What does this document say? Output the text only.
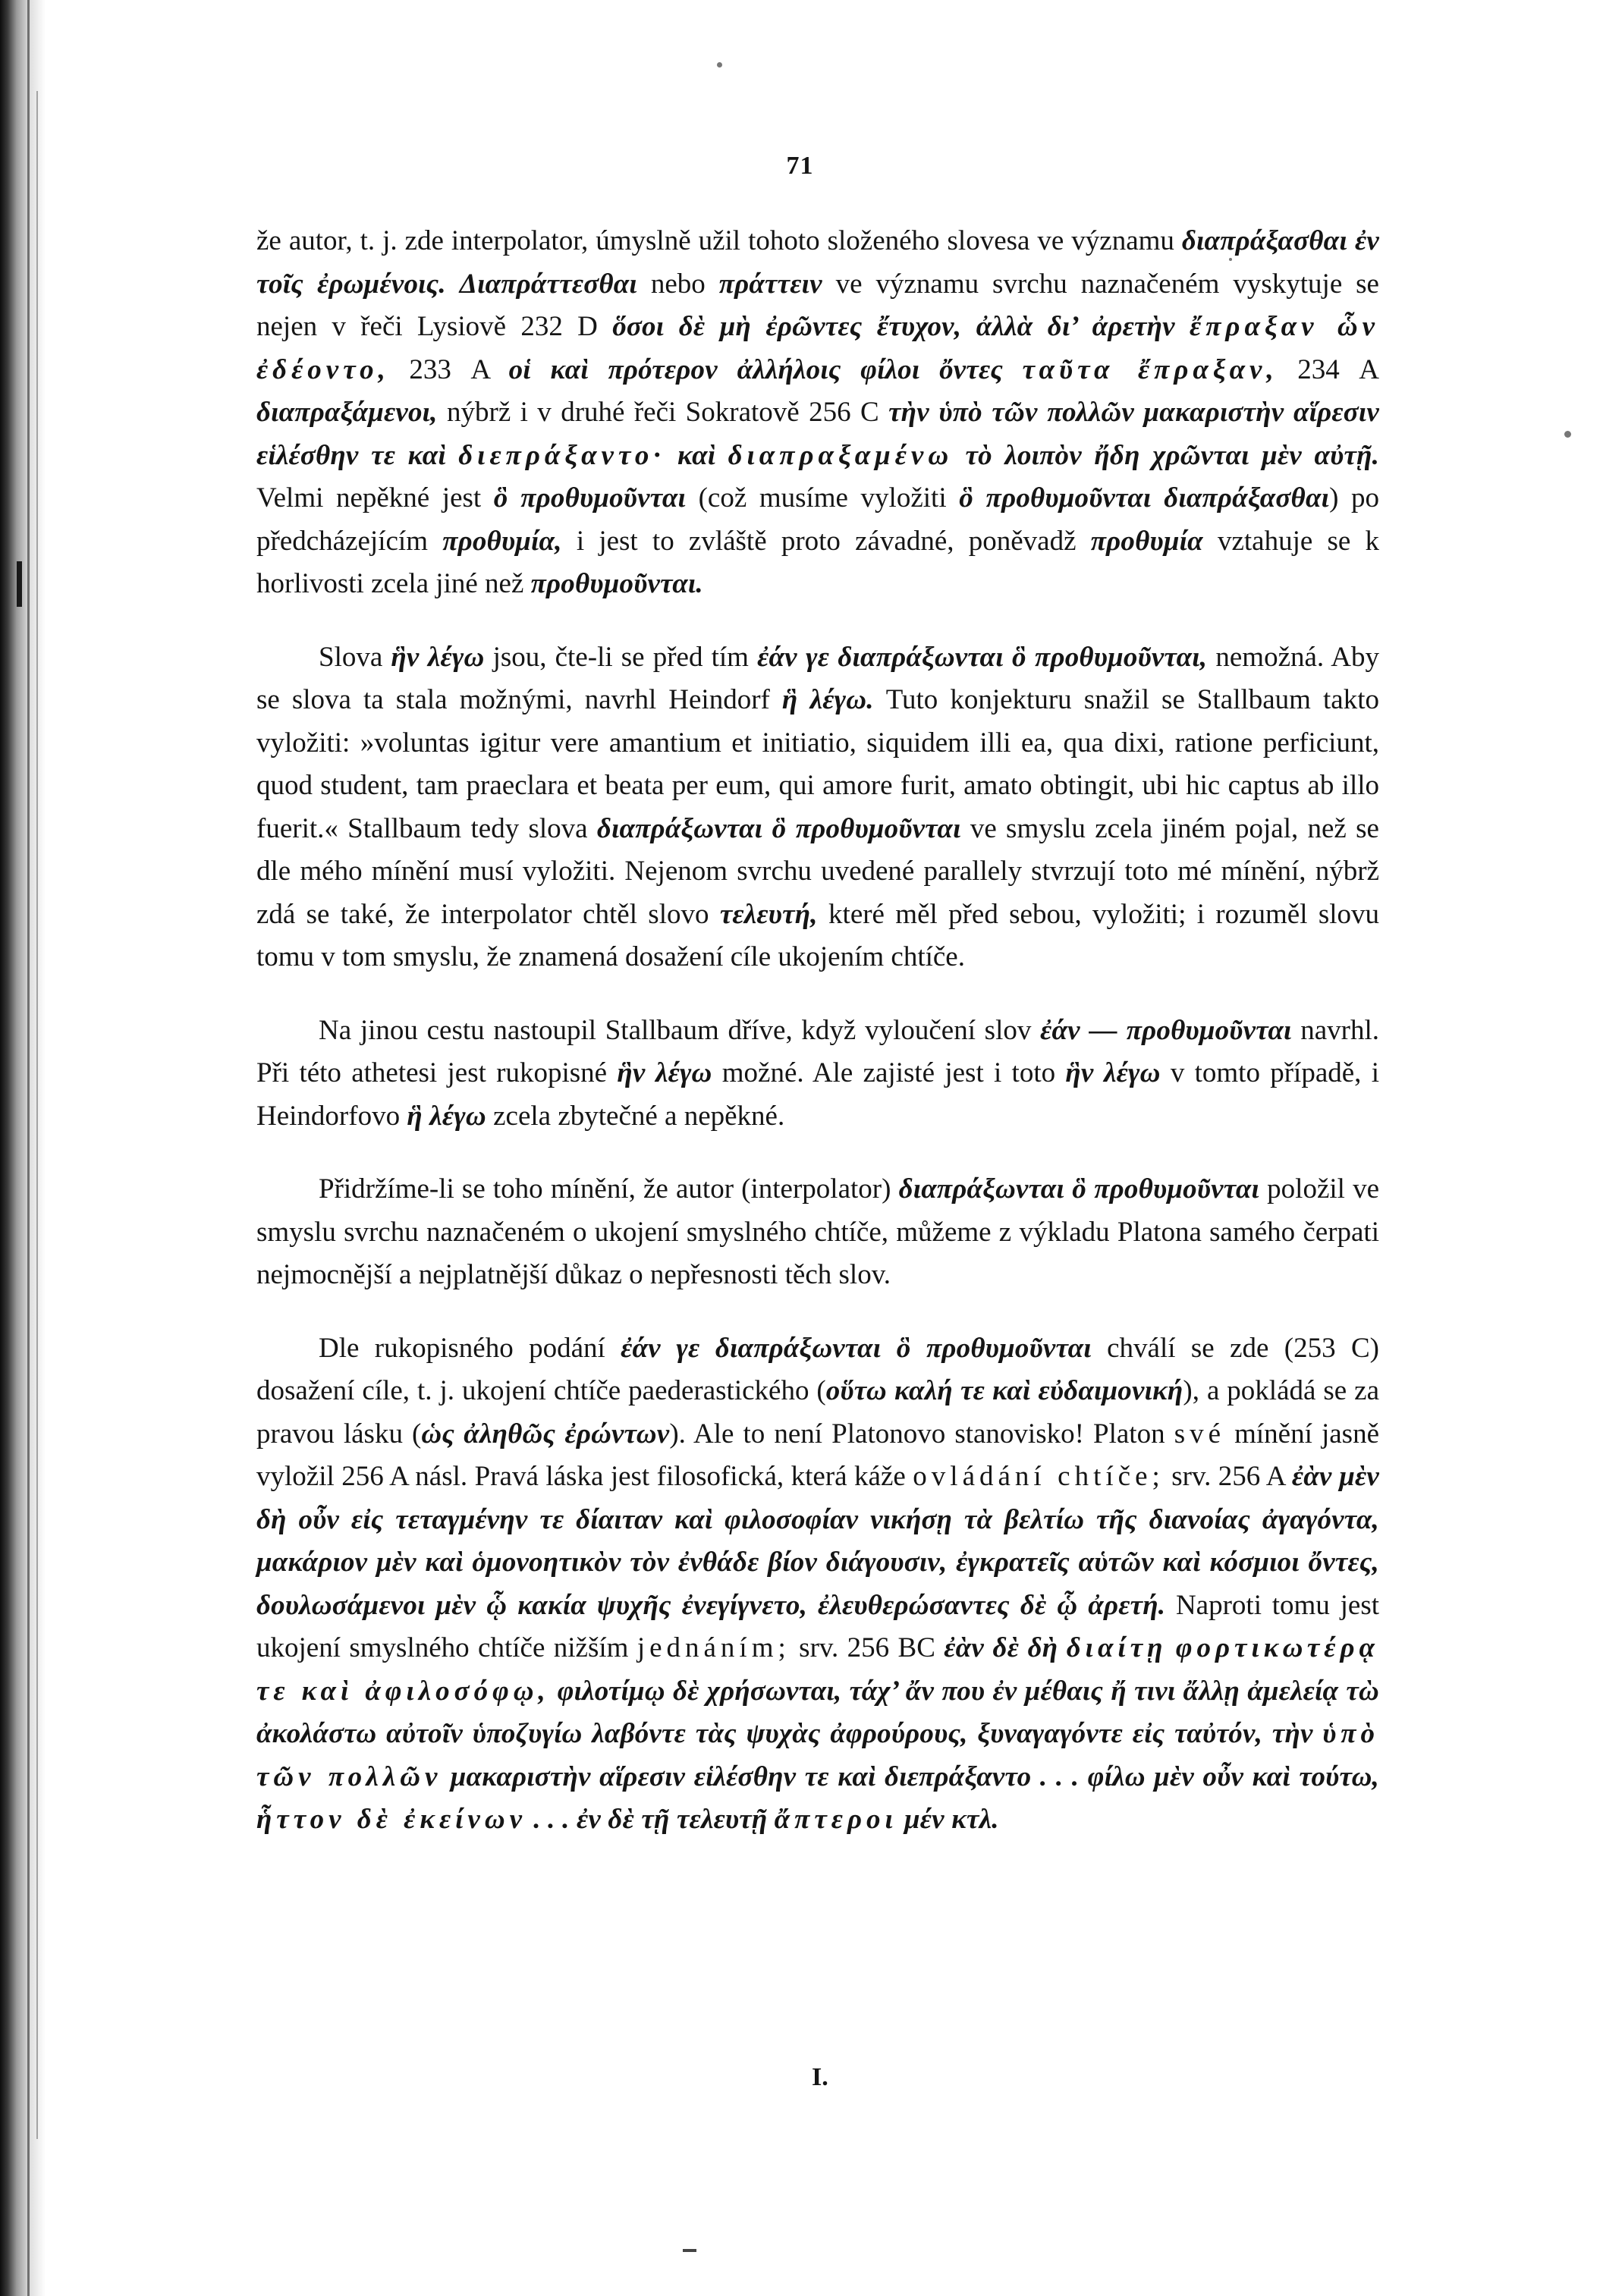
71

že autor, t. j. zde interpolator, úmyslně užil tohoto složeného slovesa ve významu διαπράξασθαι ἐν τοῖς ἐρωμένοις. Διαπράττεσθαι nebo πράττειν ve významu svrchu naznačeném vyskytuje se nejen v řeči Lysiově 232 D ὅσοι δὲ μὴ ἐρῶντες ἔτυχον, ἀλλὰ δι’ ἀρετὴν ἔπραξαν ὧν ἐδέοντο, 233 A οἱ καὶ πρότερον ἀλλήλοις φίλοι ὄντες ταῦτα ἔπραξαν, 234 A διαπραξάμενοι, nýbrž i v druhé řeči Sokratově 256 C τὴν ὑπὸ τῶν πολλῶν μακαριστὴν αἵρεσιν εἱλέσθην τε καὶ διεπράξαντο· καὶ διαπραξαμένω τὸ λοιπὸν ἤδη χρῶνται μὲν αὐτῇ. Velmi nepěkné jest ὃ προθυμοῦνται (což musíme vyložiti ὃ προθυμοῦνται διαπράξασθαι) po předcházejícím προθυμία, i jest to zvláště proto závadné, poněvadž προθυμία vztahuje se k horlivosti zcela jiné než προθυμοῦνται.

Slova ἣν λέγω jsou, čte-li se před tím ἐάν γε διαπράξωνται ὃ προθυμοῦνται, nemožná. Aby se slova ta stala možnými, navrhl Heindorf ἣ λέγω. Tuto konjekturu snažil se Stallbaum takto vyložiti: »voluntas igitur vere amantium et initiatio, siquidem illi ea, qua dixi, ratione perficiunt, quod student, tam praeclara et beata per eum, qui amore furit, amato obtingit, ubi hic captus ab illo fuerit.« Stallbaum tedy slova διαπράξωνται ὃ προθυμοῦνται ve smyslu zcela jiném pojal, než se dle mého mínění musí vyložiti. Nejenom svrchu uvedené parallely stvrzují toto mé mínění, nýbrž zdá se také, že interpolator chtěl slovo τελευτή, které měl před sebou, vyložiti; i rozuměl slovu tomu v tom smyslu, že znamená dosažení cíle ukojením chtíče.

Na jinou cestu nastoupil Stallbaum dříve, když vyloučení slov ἐάν — προθυμοῦνται navrhl. Při této athetesi jest rukopisné ἣν λέγω možné. Ale zajisté jest i toto ἣν λέγω v tomto případě, i Heindorfovo ἣ λέγω zcela zbytečné a nepěkné.

Přidržíme-li se toho mínění, že autor (interpolator) διαπράξωνται ὃ προθυμοῦνται položil ve smyslu svrchu naznačeném o ukojení smyslného chtíče, můžeme z výkladu Platona samého čerpati nejmocnější a nejplatnější důkaz o nepřesnosti těch slov.

Dle rukopisného podání ἐάν γε διαπράξωνται ὃ προθυμοῦνται chválí se zde (253 C) dosažení cíle, t. j. ukojení chtíče paederastického (οὕτω καλή τε καὶ εὐδαιμονική), a pokládá se za pravou lásku (ὡς ἀληθῶς ἐρώντων). Ale to není Platonovo stanovisko! Platon své mínění jasně vyložil 256 A násl. Pravá láska jest filosofická, která káže ovládání chtíče; srv. 256 A ἐὰν μὲν δὴ οὖν εἰς τεταγμένην τε δίαιταν καὶ φιλοσοφίαν νικήσῃ τὰ βελτίω τῆς διανοίας ἀγαγόντα, μακάριον μὲν καὶ ὁμονοητικὸν τὸν ἐνθάδε βίον διάγουσιν, ἐγκρατεῖς αὑτῶν καὶ κόσμιοι ὄντες, δουλωσάμενοι μὲν ᾧ κακία ψυχῆς ἐνεγίγνετο, ἐλευθερώσαντες δὲ ᾧ ἀρετή. Naproti tomu jest ukojení smyslného chtíče nižším jednáním; srv. 256 BC ἐὰν δὲ δὴ διαίτῃ φορτικωτέρᾳ τε καὶ ἀφιλοσόφῳ, φιλοτίμῳ δὲ χρήσωνται, τάχ’ ἄν που ἐν μέθαις ἤ τινι ἄλλῃ ἀμελείᾳ τὼ ἀκολάστω αὐτοῖν ὑποζυγίω λαβόντε τὰς ψυχὰς ἀφρούρους, ξυναγαγόντε εἰς ταὐτόν, τὴν ὑπὸ τῶν πολλῶν μακαριστὴν αἵρεσιν εἱλέσθην τε καὶ διεπράξαντο . . . φίλω μὲν οὖν καὶ τούτω, ἧττον δὲ ἐκείνων . . . ἐν δὲ τῇ τελευτῇ ἄπτεροι μέν κτλ.

I.
